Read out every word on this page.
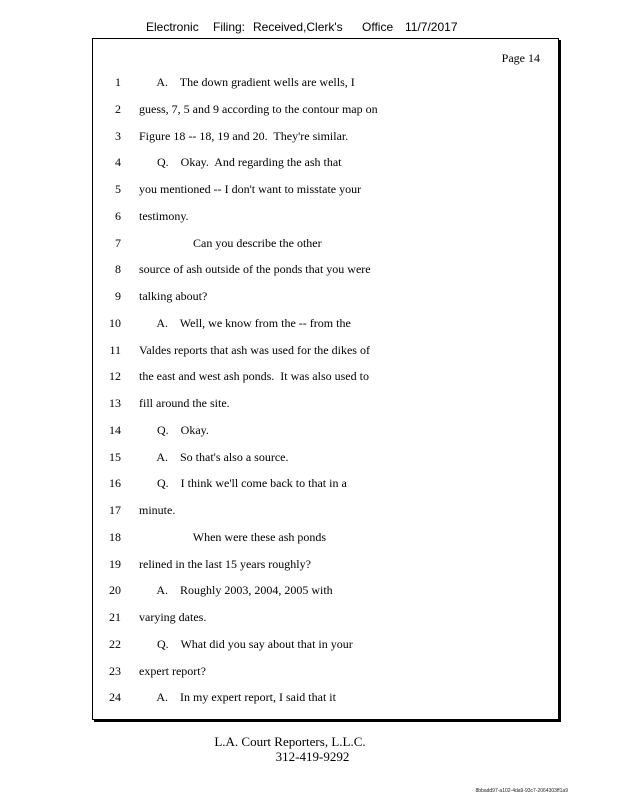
Electronic Filing: Received,Clerk's Office 11/7/2017
Page 14
1 A.    The down gradient wells are wells, I
2 guess, 7, 5 and 9 according to the contour map on
3 Figure 18 -- 18, 19 and 20.  They're similar.
4 Q.    Okay.  And regarding the ash that
5 you mentioned -- I don't want to misstate your
6 testimony.
7 Can you describe the other
8 source of ash outside of the ponds that you were
9 talking about?
10 A.    Well, we know from the -- from the
11 Valdes reports that ash was used for the dikes of
12 the east and west ash ponds.  It was also used to
13 fill around the site.
14 Q.    Okay.
15 A.    So that's also a source.
16 Q.    I think we'll come back to that in a
17 minute.
18 When were these ash ponds
19 relined in the last 15 years roughly?
20 A.    Roughly 2003, 2004, 2005 with
21 varying dates.
22 Q.    What did you say about that in your
23 expert report?
24 A.    In my expert report, I said that it
L.A. Court Reporters, L.L.C.
312-419-9292
8bbadd97-a102-4da9-93c7-2064303ff1a9
